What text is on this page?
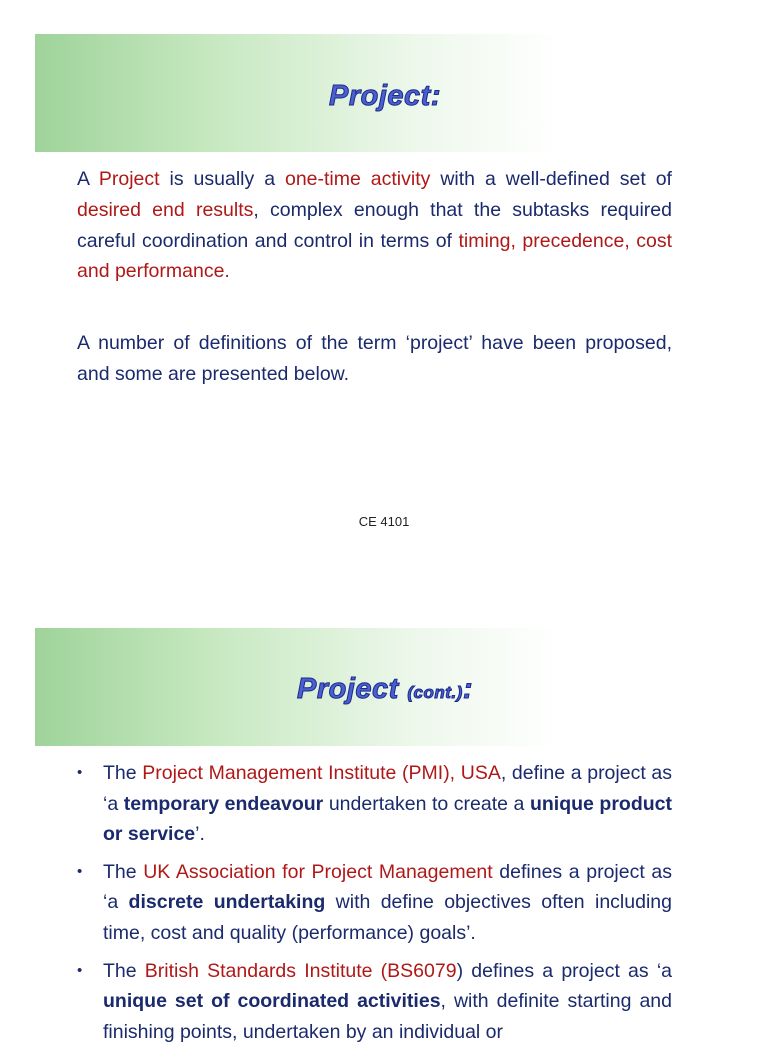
Project:
A Project is usually a one-time activity with a well-defined set of desired end results, complex enough that the subtasks required careful coordination and control in terms of timing, precedence, cost and performance.
A number of definitions of the term ‘project’ have been proposed, and some are presented below.
CE 4101
Project (cont.):
• The Project Management Institute (PMI), USA, define a project as ‘a temporary endeavour undertaken to create a unique product or service’.
• The UK Association for Project Management defines a project as ‘a discrete undertaking with define objectives often including time, cost and quality (performance) goals’.
• The British Standards Institute (BS6079) defines a project as ‘a unique set of coordinated activities, with definite starting and finishing points, undertaken by an individual or
